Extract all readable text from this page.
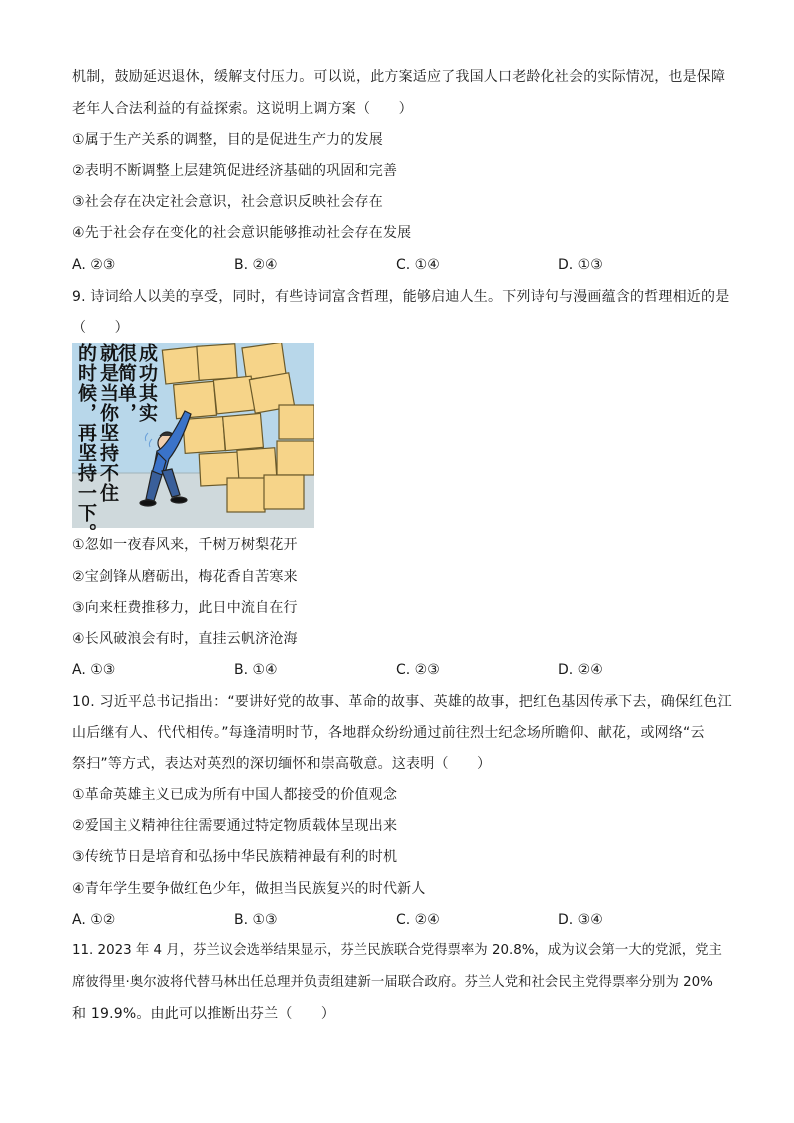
机制，鼓励延迟退休，缓解支付压力。可以说，此方案适应了我国人口老龄化社会的实际情况，也是保障
老年人合法利益的有益探索。这说明上调方案（　　）
①属于生产关系的调整，目的是促进生产力的发展
②表明不断调整上层建筑促进经济基础的巩固和完善
③社会存在决定社会意识，社会意识反映社会存在
④先于社会存在变化的社会意识能够推动社会存在发展
A. ②③	B. ②④	C. ①④	D. ①③
9. 诗词给人以美的享受，同时，有些诗词富含哲理，能够启迪人生。下列诗句与漫画蕴含的哲理相近的是
（　　）
的时候，再坚持一下。 就是当你坚持不住
很简单， 成功其实
①忽如一夜春风来，千树万树梨花开
②宝剑锋从磨砺出，梅花香自苦寒来
③向来枉费推移力，此日中流自在行
④长风破浪会有时，直挂云帆济沧海
A. ①③	B. ①④	C. ②③	D. ②④
10. 习近平总书记指出：“要讲好党的故事、革命的故事、英雄的故事，把红色基因传承下去，确保红色江
山后继有人、代代相传。”每逢清明时节，各地群众纷纷通过前往烈士纪念场所瞻仰、献花，或网络“云
祭扫”等方式，表达对英烈的深切缅怀和崇高敬意。这表明（　　）
①革命英雄主义已成为所有中国人都接受的价值观念
②爱国主义精神往往需要通过特定物质载体呈现出来
③传统节日是培育和弘扬中华民族精神最有利的时机
④青年学生要争做红色少年，做担当民族复兴的时代新人
A. ①②	B. ①③	C. ②④	D. ③④
11. 2023 年 4 月，芬兰议会选举结果显示，芬兰民族联合党得票率为 20.8%，成为议会第一大的党派，党主
席彼得里·奥尔波将代替马林出任总理并负责组建新一届联合政府。芬兰人党和社会民主党得票率分别为 20%
和 19.9%。由此可以推断出芬兰（　　）
